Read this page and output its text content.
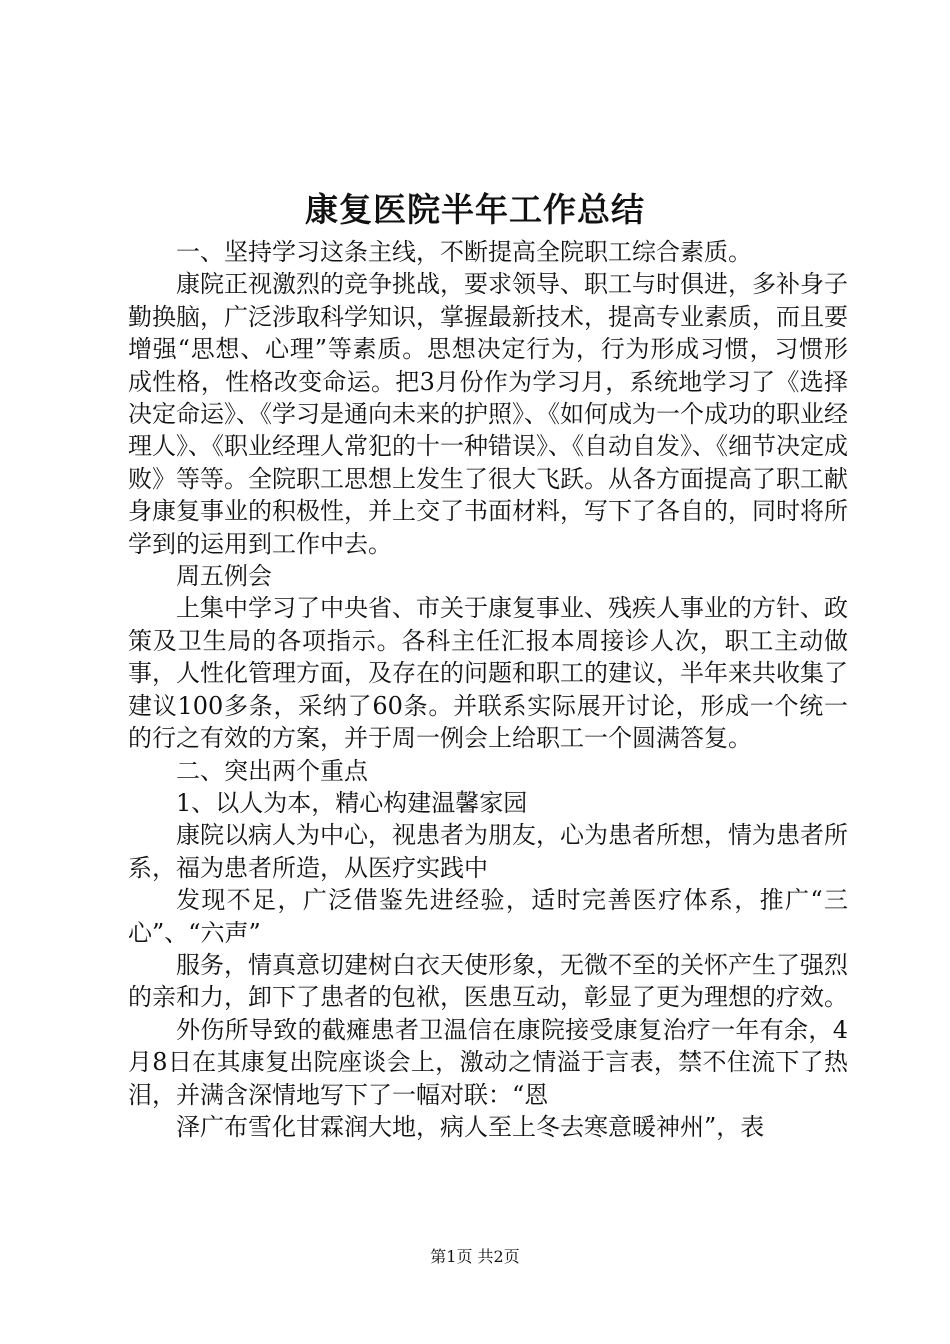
康复医院半年工作总结

一、坚持学习这条主线，不断提高全院职工综合素质。

康院正视激烈的竞争挑战，要求领导、职工与时俱进，多补身子勤换脑，广泛涉取科学知识，掌握最新技术，提高专业素质，而且要增强“思想、心理”等素质。思想决定行为，行为形成习惯，习惯形成性格，性格改变命运。把3月份作为学习月，系统地学习了《选择决定命运》、《学习是通向未来的护照》、《如何成为一个成功的职业经理人》、《职业经理人常犯的十一种错误》、《自动自发》、《细节决定成败》等等。全院职工思想上发生了很大飞跃。从各方面提高了职工献身康复事业的积极性，并上交了书面材料，写下了各自的，同时将所学到的运用到工作中去。

周五例会

上集中学习了中央省、市关于康复事业、残疾人事业的方针、政策及卫生局的各项指示。各科主任汇报本周接诊人次，职工主动做事，人性化管理方面，及存在的问题和职工的建议，半年来共收集了建议100多条，采纳了60条。并联系实际展开讨论，形成一个统一的行之有效的方案，并于周一例会上给职工一个圆满答复。

二、突出两个重点

1、以人为本，精心构建温馨家园

康院以病人为中心，视患者为朋友，心为患者所想，情为患者所系，福为患者所造，从医疗实践中

发现不足，广泛借鉴先进经验，适时完善医疗体系，推广“三心”、“六声”

服务，情真意切建树白衣天使形象，无微不至的关怀产生了强烈的亲和力，卸下了患者的包袱，医患互动，彰显了更为理想的疗效。

外伤所导致的截瘫患者卫温信在康院接受康复治疗一年有余，4月8日在其康复出院座谈会上，激动之情溢于言表，禁不住流下了热泪，并满含深情地写下了一幅对联：“恩

泽广布雪化甘霖润大地，病人至上冬去寒意暖神州”，表

第1页 共2页
